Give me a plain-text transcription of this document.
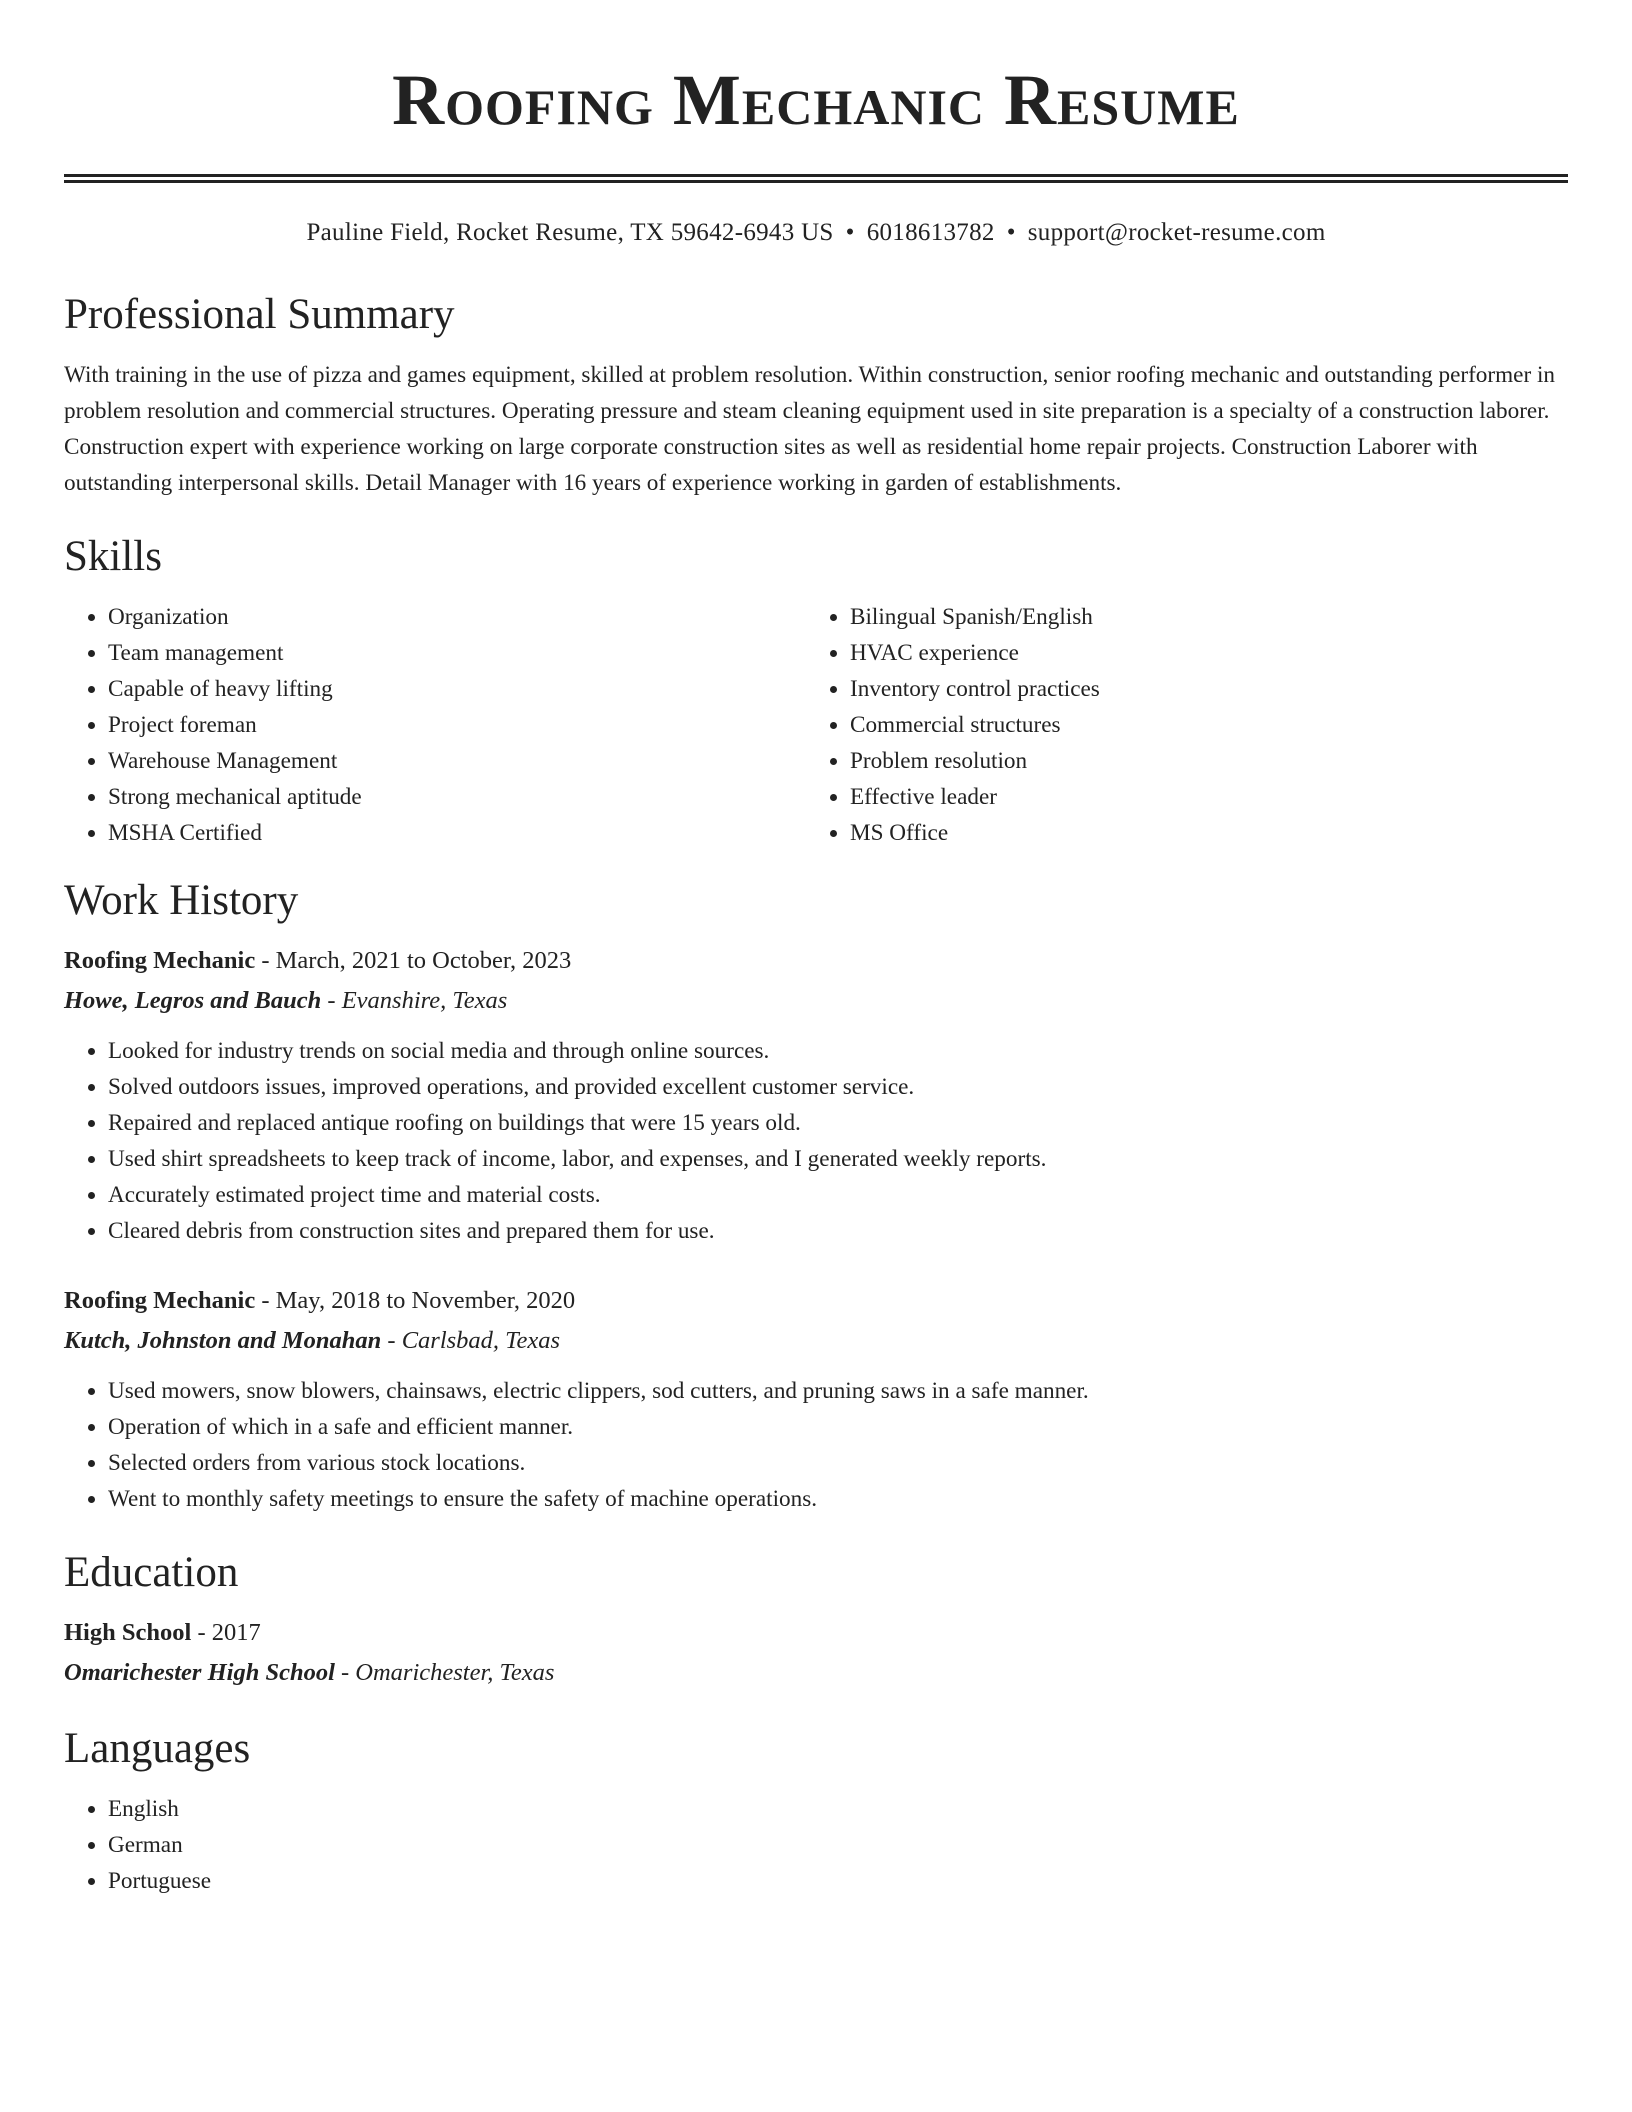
Roofing Mechanic Resume
Pauline Field, Rocket Resume, TX 59642-6943 US • 6018613782 • support@rocket-resume.com
Professional Summary
With training in the use of pizza and games equipment, skilled at problem resolution. Within construction, senior roofing mechanic and outstanding performer in problem resolution and commercial structures. Operating pressure and steam cleaning equipment used in site preparation is a specialty of a construction laborer. Construction expert with experience working on large corporate construction sites as well as residential home repair projects. Construction Laborer with outstanding interpersonal skills. Detail Manager with 16 years of experience working in garden of establishments.
Skills
• Organization
• Team management
• Capable of heavy lifting
• Project foreman
• Warehouse Management
• Strong mechanical aptitude
• MSHA Certified
• Bilingual Spanish/English
• HVAC experience
• Inventory control practices
• Commercial structures
• Problem resolution
• Effective leader
• MS Office
Work History
Roofing Mechanic - March, 2021 to October, 2023
Howe, Legros and Bauch - Evanshire, Texas
• Looked for industry trends on social media and through online sources.
• Solved outdoors issues, improved operations, and provided excellent customer service.
• Repaired and replaced antique roofing on buildings that were 15 years old.
• Used shirt spreadsheets to keep track of income, labor, and expenses, and I generated weekly reports.
• Accurately estimated project time and material costs.
• Cleared debris from construction sites and prepared them for use.
Roofing Mechanic - May, 2018 to November, 2020
Kutch, Johnston and Monahan - Carlsbad, Texas
• Used mowers, snow blowers, chainsaws, electric clippers, sod cutters, and pruning saws in a safe manner.
• Operation of which in a safe and efficient manner.
• Selected orders from various stock locations.
• Went to monthly safety meetings to ensure the safety of machine operations.
Education
High School - 2017
Omarichester High School - Omarichester, Texas
Languages
• English
• German
• Portuguese
